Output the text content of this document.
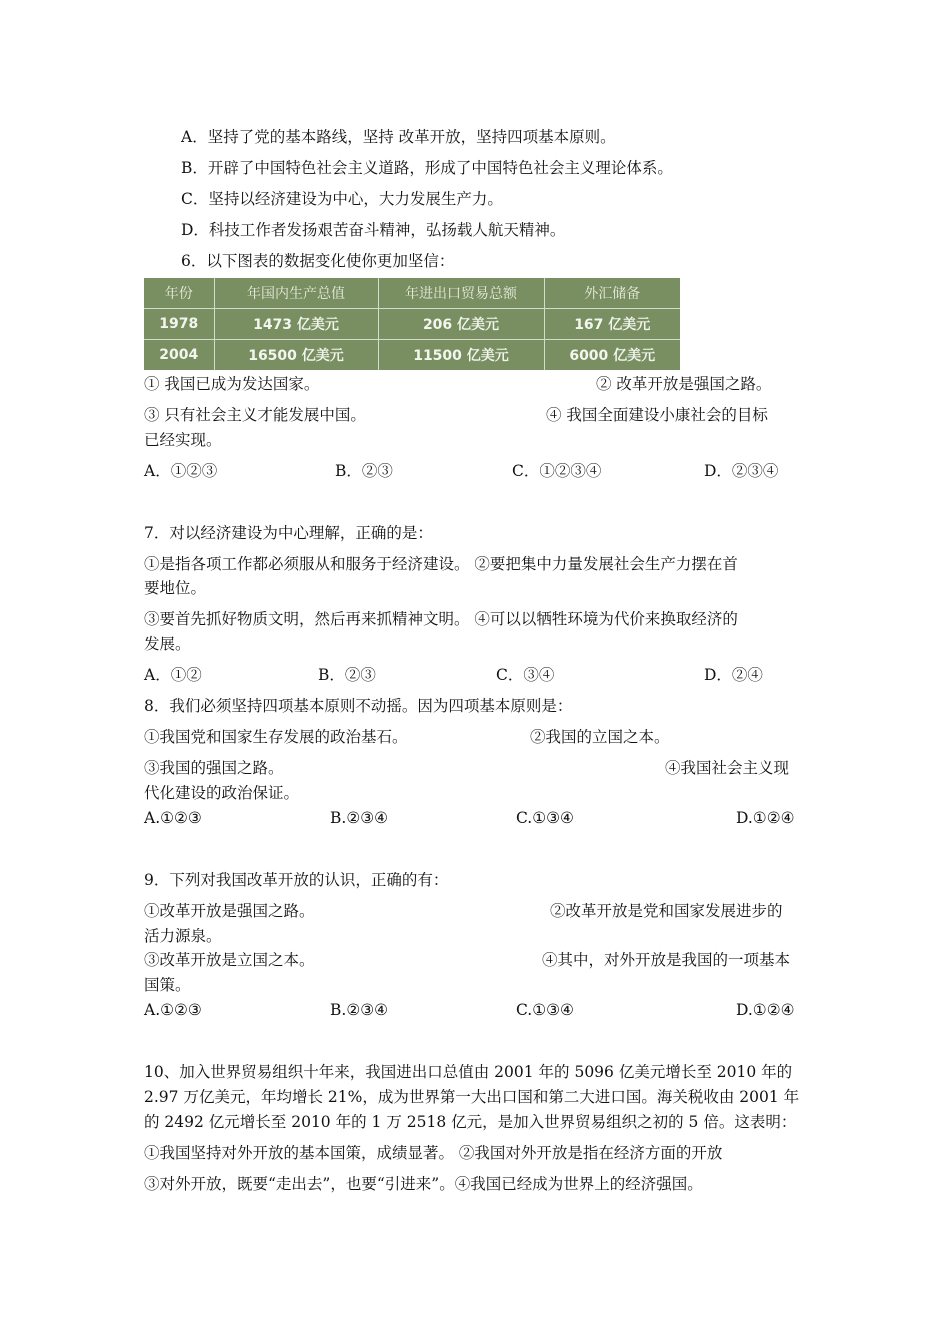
A．坚持了党的基本路线，坚持 改革开放，坚持四项基本原则。
B．开辟了中国特色社会主义道路，形成了中国特色社会主义理论体系。
C．坚持以经济建设为中心，大力发展生产力。
D．科技工作者发扬艰苦奋斗精神，弘扬载人航天精神。
6．以下图表的数据变化使你更加坚信：
年份	年国内生产总值	年进出口贸易总额	外汇储备
1978	1473 亿美元	206 亿美元	167 亿美元
2004	16500 亿美元	11500 亿美元	6000 亿美元
① 我国已成为发达国家。	② 改革开放是强国之路。
③ 只有社会主义才能发展中国。	④ 我国全面建设小康社会的目标
已经实现。
A．①②③	B．②③	C．①②③④	D．②③④
7．对以经济建设为中心理解，正确的是：
①是指各项工作都必须服从和服务于经济建设。 ②要把集中力量发展社会生产力摆在首
要地位。
③要首先抓好物质文明，然后再来抓精神文明。 ④可以以牺牲环境为代价来换取经济的
发展。
A．①②	B．②③	C．③④	D．②④
8．我们必须坚持四项基本原则不动摇。因为四项基本原则是：
①我国党和国家生存发展的政治基石。	②我国的立国之本。
③我国的强国之路。	④我国社会主义现
代化建设的政治保证。
A.①②③	B.②③④	C.①③④	D.①②④
9．下列对我国改革开放的认识，正确的有：
①改革开放是强国之路。	②改革开放是党和国家发展进步的
活力源泉。
③改革开放是立国之本。	④其中，对外开放是我国的一项基本
国策。
A.①②③	B.②③④	C.①③④	D.①②④
10、加入世界贸易组织十年来，我国进出口总值由 2001 年的 5096 亿美元增长至 2010 年的
2.97 万亿美元，年均增长 21%，成为世界第一大出口国和第二大进口国。海关税收由 2001 年
的 2492 亿元增长至 2010 年的 1 万 2518 亿元，是加入世界贸易组织之初的 5 倍。这表明：
①我国坚持对外开放的基本国策，成绩显著。 ②我国对外开放是指在经济方面的开放
③对外开放，既要“走出去”，也要“引进来”。④我国已经成为世界上的经济强国。
